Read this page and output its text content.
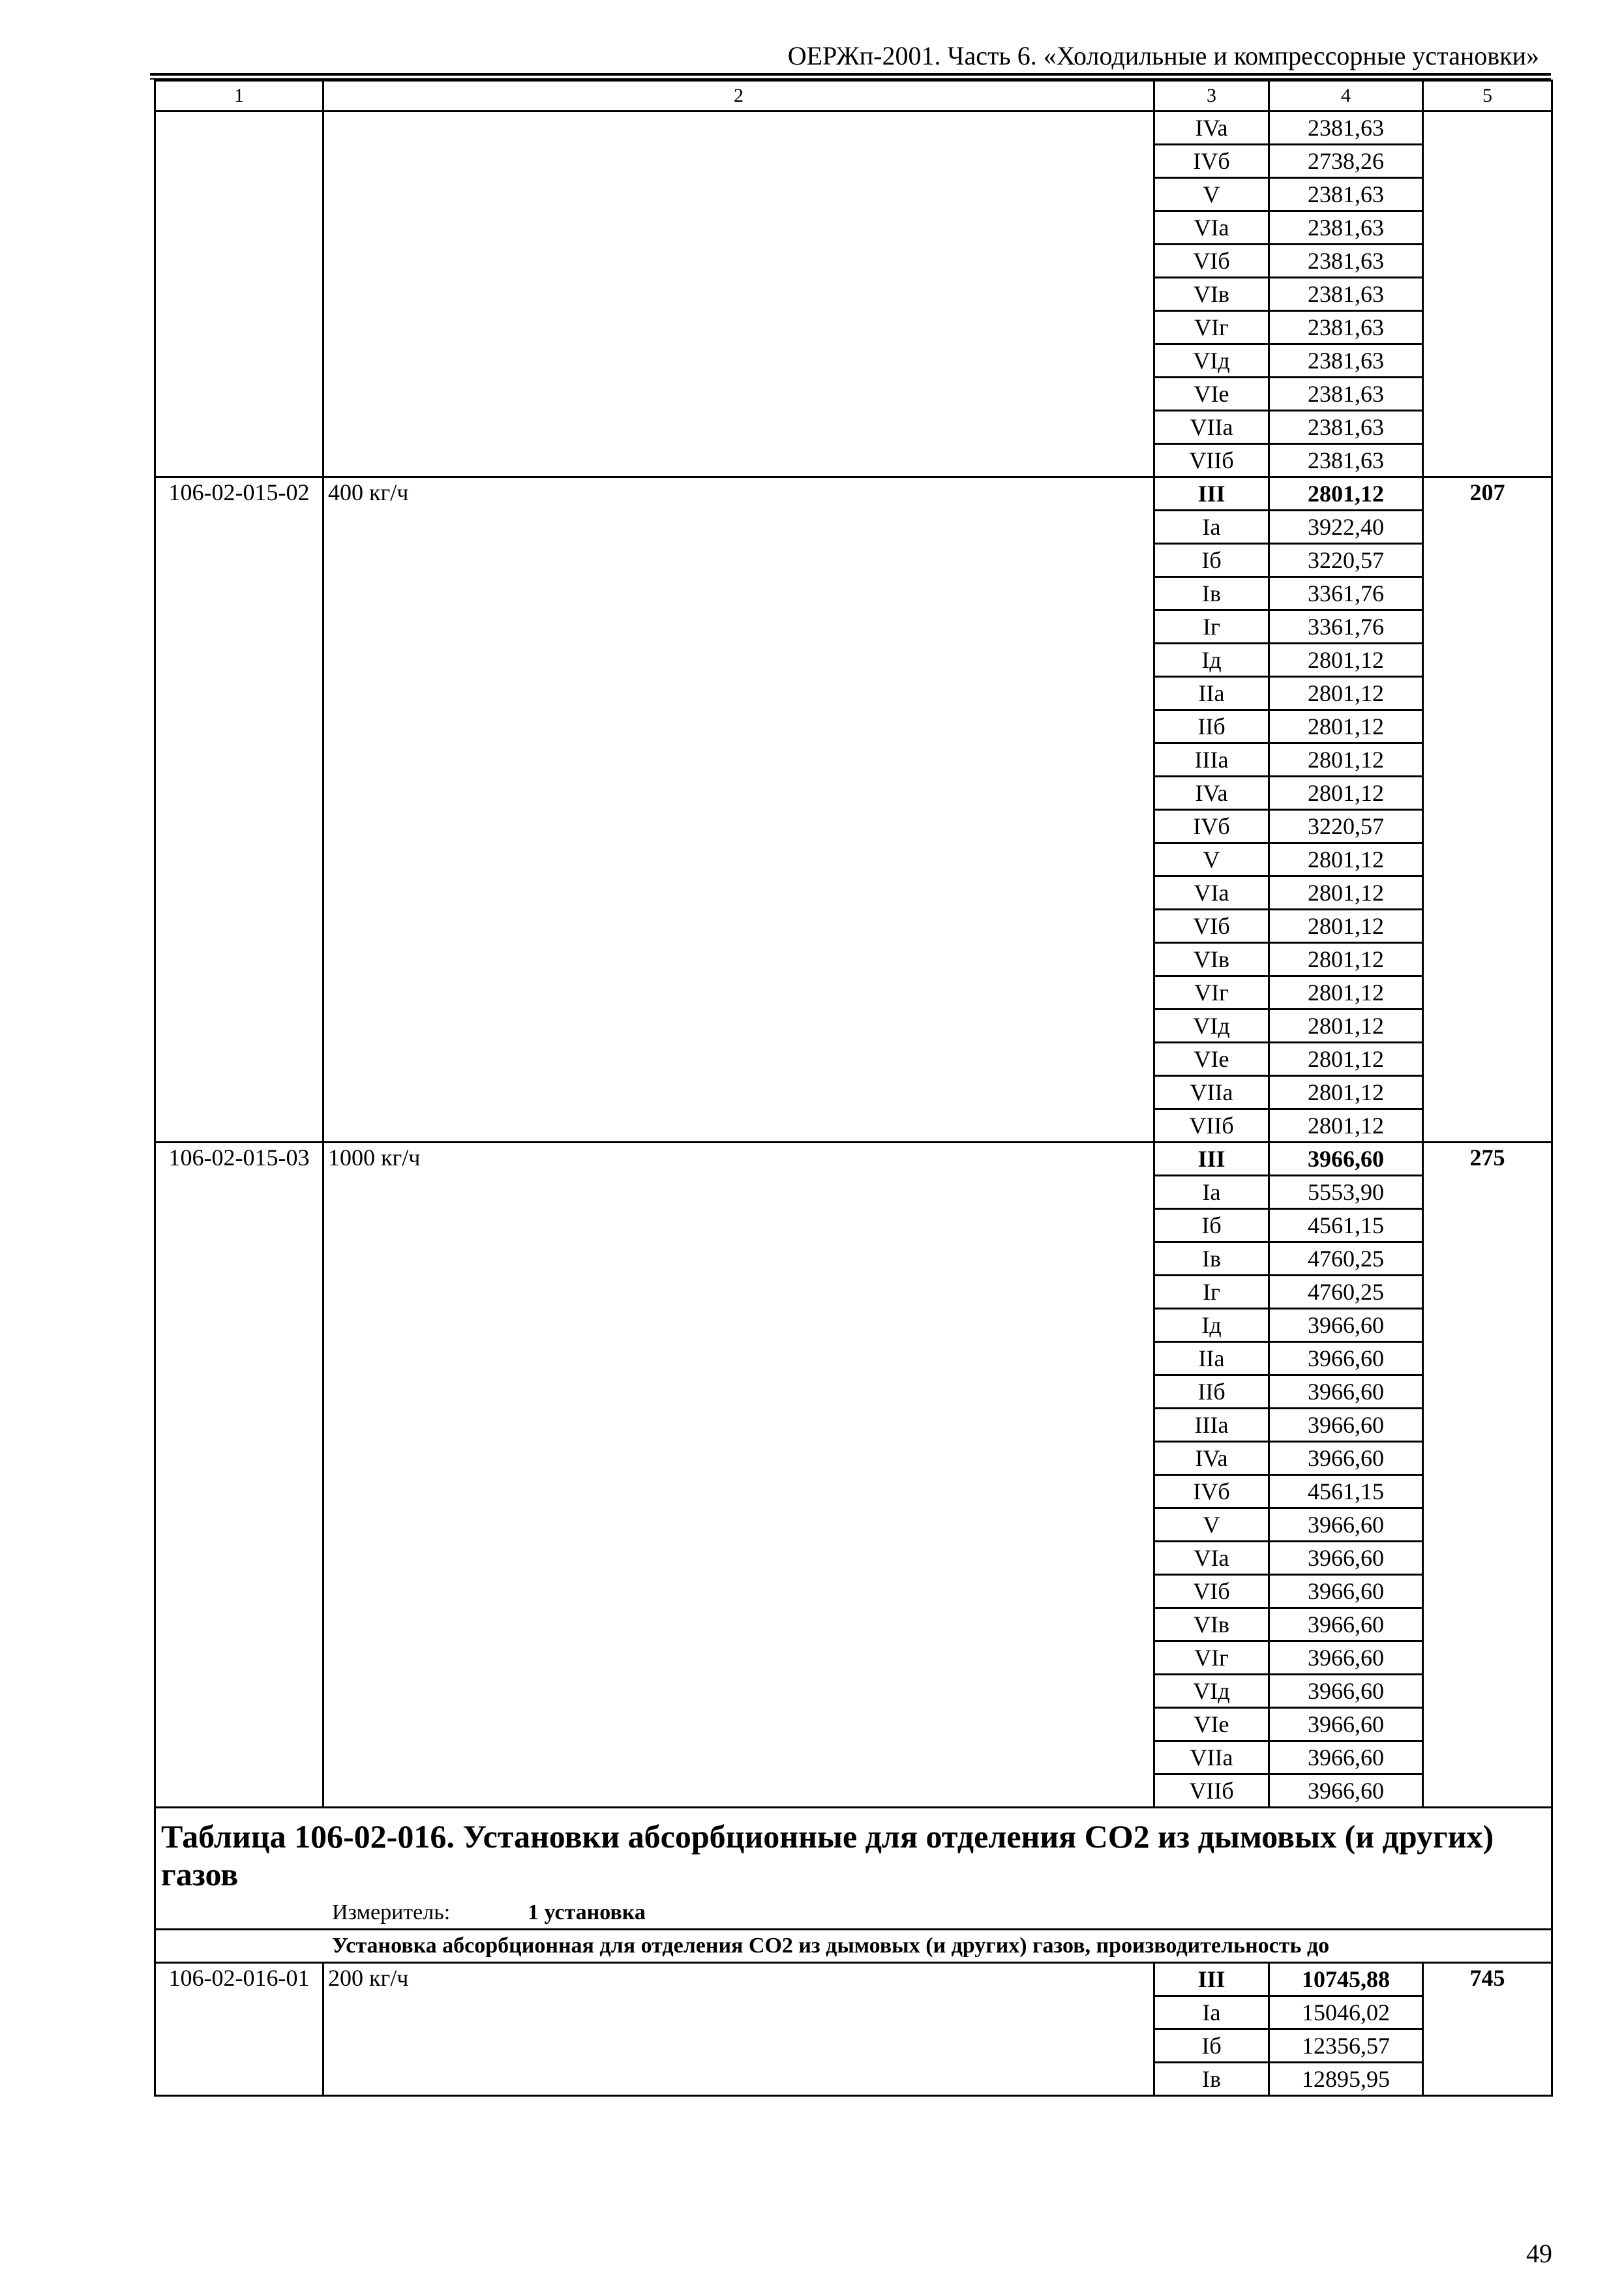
ОЕРЖп-2001. Часть 6. «Холодильные и компрессорные установки»
1	2	3	4	5
		IVa	2381,63	
		IVб	2738,26	
		V	2381,63	
		VIa	2381,63	
		VIб	2381,63	
		VIв	2381,63	
		VIг	2381,63	
		VIд	2381,63	
		VIe	2381,63	
		VIIa	2381,63	
		VIIб	2381,63	
106-02-015-02	400 кг/ч	III	2801,12	207
		Ia	3922,40	
		Iб	3220,57	
		Iв	3361,76	
		Iг	3361,76	
		Iд	2801,12	
		IIa	2801,12	
		IIб	2801,12	
		IIIa	2801,12	
		IVa	2801,12	
		IVб	3220,57	
		V	2801,12	
		VIa	2801,12	
		VIб	2801,12	
		VIв	2801,12	
		VIг	2801,12	
		VIд	2801,12	
		VIe	2801,12	
		VIIa	2801,12	
		VIIб	2801,12	
106-02-015-03	1000 кг/ч	III	3966,60	275
		Ia	5553,90	
		Iб	4561,15	
		Iв	4760,25	
		Iг	4760,25	
		Iд	3966,60	
		IIa	3966,60	
		IIб	3966,60	
		IIIa	3966,60	
		IVa	3966,60	
		IVб	4561,15	
		V	3966,60	
		VIa	3966,60	
		VIб	3966,60	
		VIв	3966,60	
		VIг	3966,60	
		VIд	3966,60	
		VIe	3966,60	
		VIIa	3966,60	
		VIIб	3966,60	
Таблица 106-02-016. Установки абсорбционные для отделения CO2 из дымовых (и других) газов				
Измеритель: 1 установка				
Установка абсорбционная для отделения CO2 из дымовых (и других) газов, производительность до				
106-02-016-01	200 кг/ч	III	10745,88	745
		Ia	15046,02	
		Iб	12356,57	
		Iв	12895,95	
49
